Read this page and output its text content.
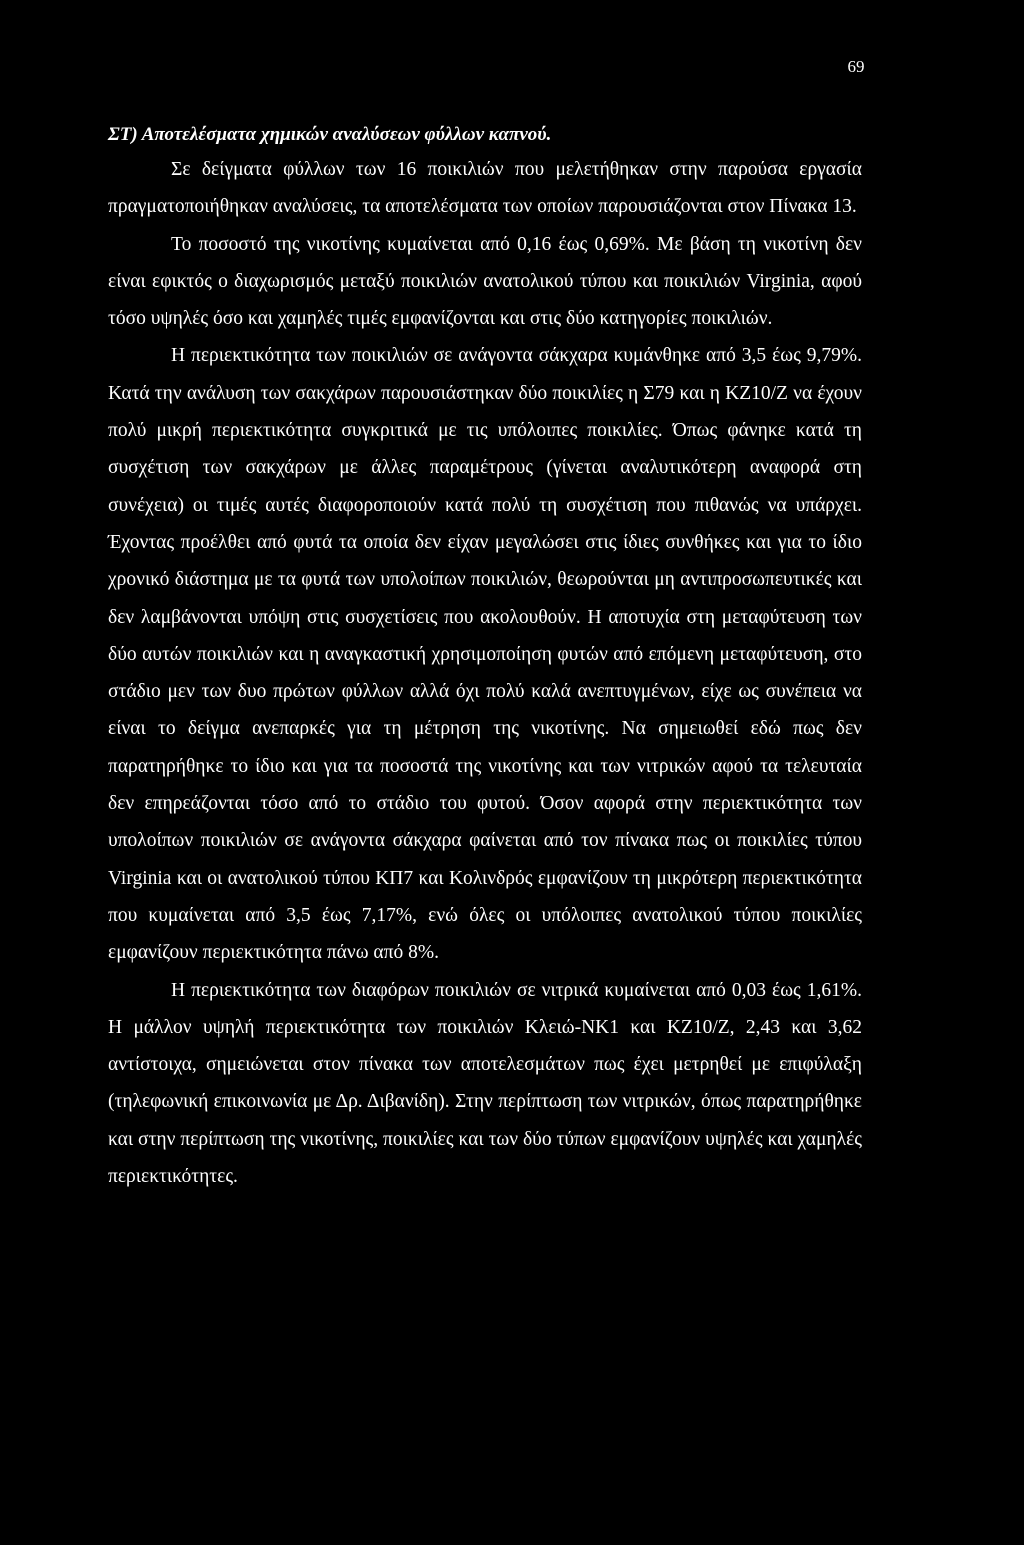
69
ΣΤ) Αποτελέσματα χημικών αναλύσεων φύλλων καπνού.

Σε δείγματα φύλλων των 16 ποικιλιών που μελετήθηκαν στην παρούσα εργασία πραγματοποιήθηκαν αναλύσεις, τα αποτελέσματα των οποίων παρουσιάζονται στον Πίνακα 13.

Το ποσοστό της νικοτίνης κυμαίνεται από 0,16 έως 0,69%. Με βάση τη νικοτίνη δεν είναι εφικτός ο διαχωρισμός μεταξύ ποικιλιών ανατολικού τύπου και ποικιλιών Virginia, αφού τόσο υψηλές όσο και χαμηλές τιμές εμφανίζονται και στις δύο κατηγορίες ποικιλιών.

Η περιεκτικότητα των ποικιλιών σε ανάγοντα σάκχαρα κυμάνθηκε από 3,5 έως 9,79%. Κατά την ανάλυση των σακχάρων παρουσιάστηκαν δύο ποικιλίες η Σ79 και η ΚΖ10/Ζ να έχουν πολύ μικρή περιεκτικότητα συγκριτικά με τις υπόλοιπες ποικιλίες. Όπως φάνηκε κατά τη συσχέτιση των σακχάρων με άλλες παραμέτρους (γίνεται αναλυτικότερη αναφορά στη συνέχεια) οι τιμές αυτές διαφοροποιούν κατά πολύ τη συσχέτιση που πιθανώς να υπάρχει. Έχοντας προέλθει από φυτά τα οποία δεν είχαν μεγαλώσει στις ίδιες συνθήκες και για το ίδιο χρονικό διάστημα με τα φυτά των υπολοίπων ποικιλιών, θεωρούνται μη αντιπροσωπευτικές και δεν λαμβάνονται υπόψη στις συσχετίσεις που ακολουθούν. Η αποτυχία στη μεταφύτευση των δύο αυτών ποικιλιών και η αναγκαστική χρησιμοποίηση φυτών από επόμενη μεταφύτευση, στο στάδιο μεν των δυο πρώτων φύλλων αλλά όχι πολύ καλά ανεπτυγμένων, είχε ως συνέπεια να είναι το δείγμα ανεπαρκές για τη μέτρηση της νικοτίνης. Να σημειωθεί εδώ πως δεν παρατηρήθηκε το ίδιο και για τα ποσοστά της νικοτίνης και των νιτρικών αφού τα τελευταία δεν επηρεάζονται τόσο από το στάδιο του φυτού. Όσον αφορά στην περιεκτικότητα των υπολοίπων ποικιλιών σε ανάγοντα σάκχαρα φαίνεται από τον πίνακα πως οι ποικιλίες τύπου Virginia και οι ανατολικού τύπου ΚΠ7 και Κολινδρός εμφανίζουν τη μικρότερη περιεκτικότητα που κυμαίνεται από 3,5 έως 7,17%, ενώ όλες οι υπόλοιπες ανατολικού τύπου ποικιλίες εμφανίζουν περιεκτικότητα πάνω από 8%.

Η περιεκτικότητα των διαφόρων ποικιλιών σε νιτρικά κυμαίνεται από 0,03 έως 1,61%. Η μάλλον υψηλή περιεκτικότητα των ποικιλιών Κλειώ-ΝΚ1 και ΚΖ10/Ζ, 2,43 και 3,62 αντίστοιχα, σημειώνεται στον πίνακα των αποτελεσμάτων πως έχει μετρηθεί με επιφύλαξη (τηλεφωνική επικοινωνία με Δρ. Διβανίδη). Στην περίπτωση των νιτρικών, όπως παρατηρήθηκε και στην περίπτωση της νικοτίνης, ποικιλίες και των δύο τύπων εμφανίζουν υψηλές και χαμηλές περιεκτικότητες.
